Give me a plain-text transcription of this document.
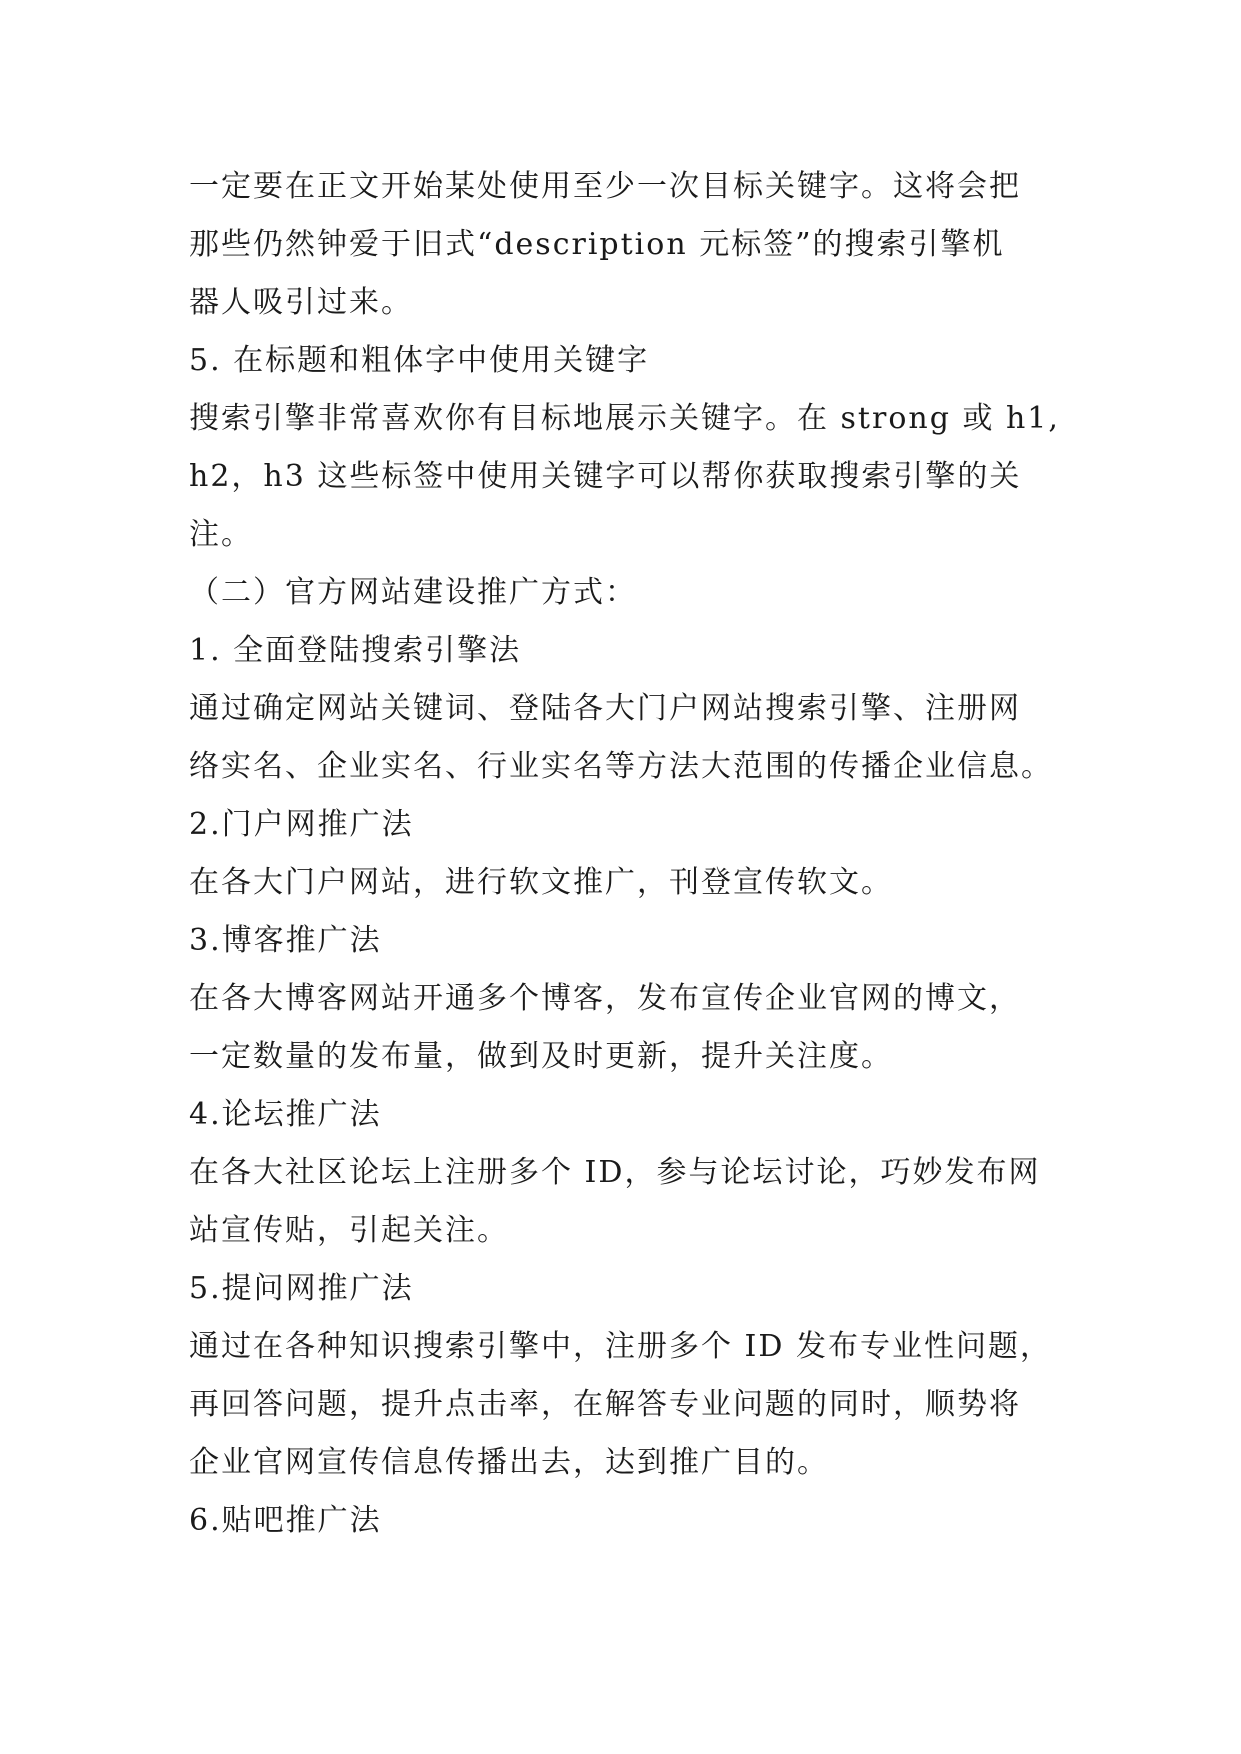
一定要在正文开始某处使用至少一次目标关键字。这将会把
那些仍然钟爱于旧式“description 元标签”的搜索引擎机
器人吸引过来。
5. 在标题和粗体字中使用关键字
搜索引擎非常喜欢你有目标地展示关键字。在 strong 或 h1,
h2，h3 这些标签中使用关键字可以帮你获取搜索引擎的关
注。
（二）官方网站建设推广方式：
1. 全面登陆搜索引擎法
通过确定网站关键词、登陆各大门户网站搜索引擎、注册网
络实名、企业实名、行业实名等方法大范围的传播企业信息。
2.门户网推广法
在各大门户网站，进行软文推广，刊登宣传软文。
3.博客推广法
在各大博客网站开通多个博客，发布宣传企业官网的博文，
一定数量的发布量，做到及时更新，提升关注度。
4.论坛推广法
在各大社区论坛上注册多个 ID，参与论坛讨论，巧妙发布网
站宣传贴，引起关注。
5.提问网推广法
通过在各种知识搜索引擎中，注册多个 ID 发布专业性问题，
再回答问题，提升点击率，在解答专业问题的同时，顺势将
企业官网宣传信息传播出去，达到推广目的。
6.贴吧推广法
